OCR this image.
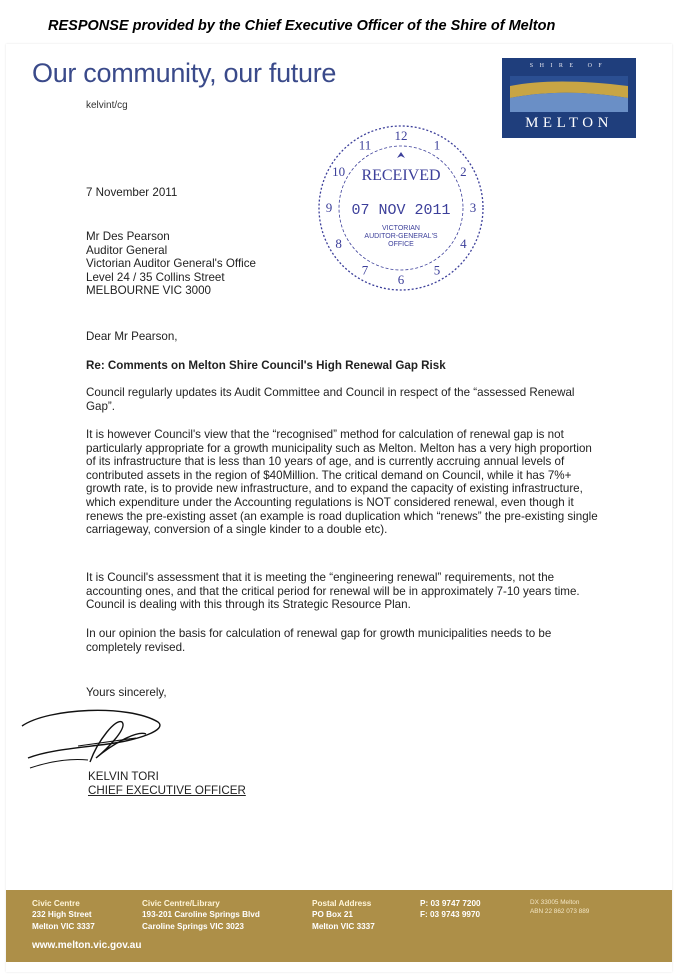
RESPONSE provided by the Chief Executive Officer of the Shire of Melton
Our community, our future
kelvint/cg
SHIRE OF
MELTON
12
1
2
3
4
5
6
7
8
9
10
11
RECEIVED
07 NOV 2011
VICTORIAN
AUDITOR-GENERAL'S
OFFICE
7 November 2011
Mr Des Pearson
Auditor General
Victorian Auditor General's Office
Level 24 / 35 Collins Street
MELBOURNE VIC 3000
Dear Mr Pearson,
Re: Comments on Melton Shire Council's High Renewal Gap Risk
Council regularly updates its Audit Committee and Council in respect of the “assessed Renewal Gap”.
It is however Council's view that the “recognised” method for calculation of renewal gap is not particularly appropriate for a growth municipality such as Melton. Melton has a very high proportion of its infrastructure that is less than 10 years of age, and is currently accruing annual levels of contributed assets in the region of $40Million. The critical demand on Council, while it has 7%+ growth rate, is to provide new infrastructure, and to expand the capacity of existing infrastructure, which expenditure under the Accounting regulations is NOT considered renewal, even though it renews the pre-existing asset (an example is road duplication which “renews” the pre-existing single carriageway, conversion of a single kinder to a double etc).
It is Council's assessment that it is meeting the “engineering renewal” requirements, not the accounting ones, and that the critical period for renewal will be in approximately 7-10 years time. Council is dealing with this through its Strategic Resource Plan.
In our opinion the basis for calculation of renewal gap for growth municipalities needs to be completely revised.
Yours sincerely,
KELVIN TORI
CHIEF EXECUTIVE OFFICER
Civic Centre
232 High Street
Melton VIC 3337
Civic Centre/Library
193-201 Caroline Springs Blvd
Caroline Springs VIC 3023
Postal Address
PO Box 21
Melton VIC 3337
P: 03 9747 7200
F: 03 9743 9970
DX 33005 Melton
ABN 22 862 073 889
www.melton.vic.gov.au
